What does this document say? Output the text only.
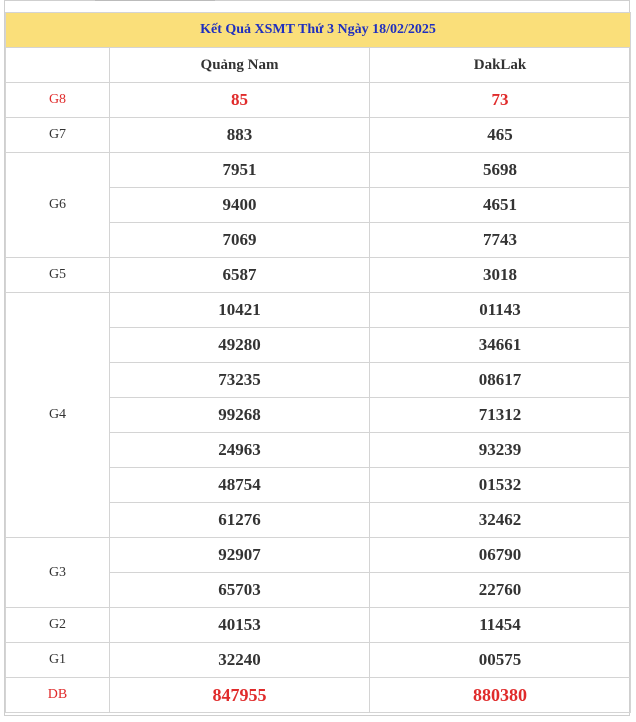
Kết Quả XSMT Thứ 3 Ngày 18/02/2025		
	Quảng Nam	DakLak
G8	85	73
G7	883	465
G6	7951	5698
	9400	4651
	7069	7743
G5	6587	3018
G4	10421	01143
	49280	34661
	73235	08617
	99268	71312
	24963	93239
	48754	01532
	61276	32462
G3	92907	06790
	65703	22760
G2	40153	11454
G1	32240	00575
DB	847955	880380
